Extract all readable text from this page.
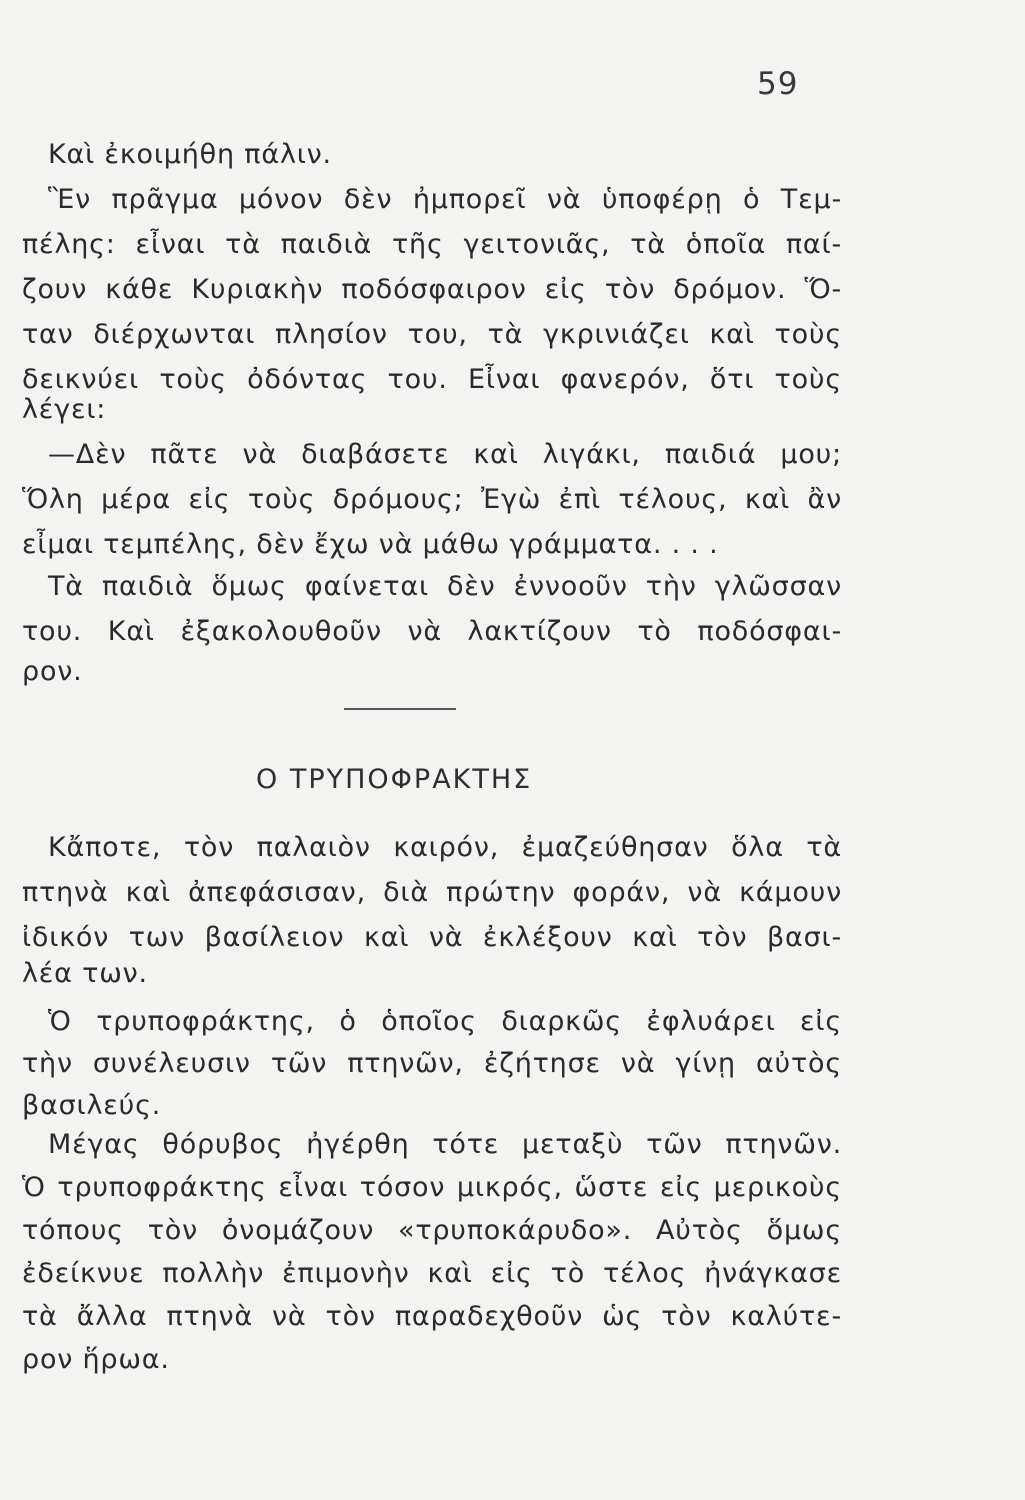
59
Καὶ ἐκοιμήθη πάλιν.
Ἓν πρᾶγμα μόνον δὲν ἠμπορεῖ νὰ ὑποφέρῃ ὁ Τεμ-
πέλης: εἶναι τὰ παιδιὰ τῆς γειτονιᾶς, τὰ ὁποῖα παί-
ζουν κάθε Κυριακὴν ποδόσφαιρον εἰς τὸν δρόμον. Ὅ-
ταν διέρχωνται πλησίον του, τὰ γκρινιάζει καὶ τοὺς
δεικνύει τοὺς ὀδόντας του. Εἶναι φανερόν, ὅτι τοὺς
λέγει:
—Δὲν πᾶτε νὰ διαβάσετε καὶ λιγάκι, παιδιά μου;
Ὅλη μέρα εἰς τοὺς δρόμους; Ἐγὼ ἐπὶ τέλους, καὶ ἂν
εἶμαι τεμπέλης, δὲν ἔχω νὰ μάθω γράμματα. . . .
Τὰ παιδιὰ ὅμως φαίνεται δὲν ἐννοοῦν τὴν γλῶσσαν
του. Καὶ ἐξακολουθοῦν νὰ λακτίζουν τὸ ποδόσφαι-
ρον.
Ο ΤΡΥΠΟΦΡΑΚΤΗΣ
Κἄποτε, τὸν παλαιὸν καιρόν, ἐμαζεύθησαν ὅλα τὰ
πτηνὰ καὶ ἀπεφάσισαν, διὰ πρώτην φοράν, νὰ κάμουν
ἰδικόν των βασίλειον καὶ νὰ ἐκλέξουν καὶ τὸν βασι-
λέα των.
Ὁ τρυποφράκτης, ὁ ὁποῖος διαρκῶς ἐφλυάρει εἰς
τὴν συνέλευσιν τῶν πτηνῶν, ἐζήτησε νὰ γίνῃ αὐτὸς
βασιλεύς.
Μέγας θόρυβος ἠγέρθη τότε μεταξὺ τῶν πτηνῶν.
Ὁ τρυποφράκτης εἶναι τόσον μικρός, ὥστε εἰς μερικοὺς
τόπους τὸν ὀνομάζουν «τρυποκάρυδο». Αὐτὸς ὅμως
ἐδείκνυε πολλὴν ἐπιμονὴν καὶ εἰς τὸ τέλος ἠνάγκασε
τὰ ἄλλα πτηνὰ νὰ τὸν παραδεχθοῦν ὡς τὸν καλύτε-
ρον ἥρωα.
